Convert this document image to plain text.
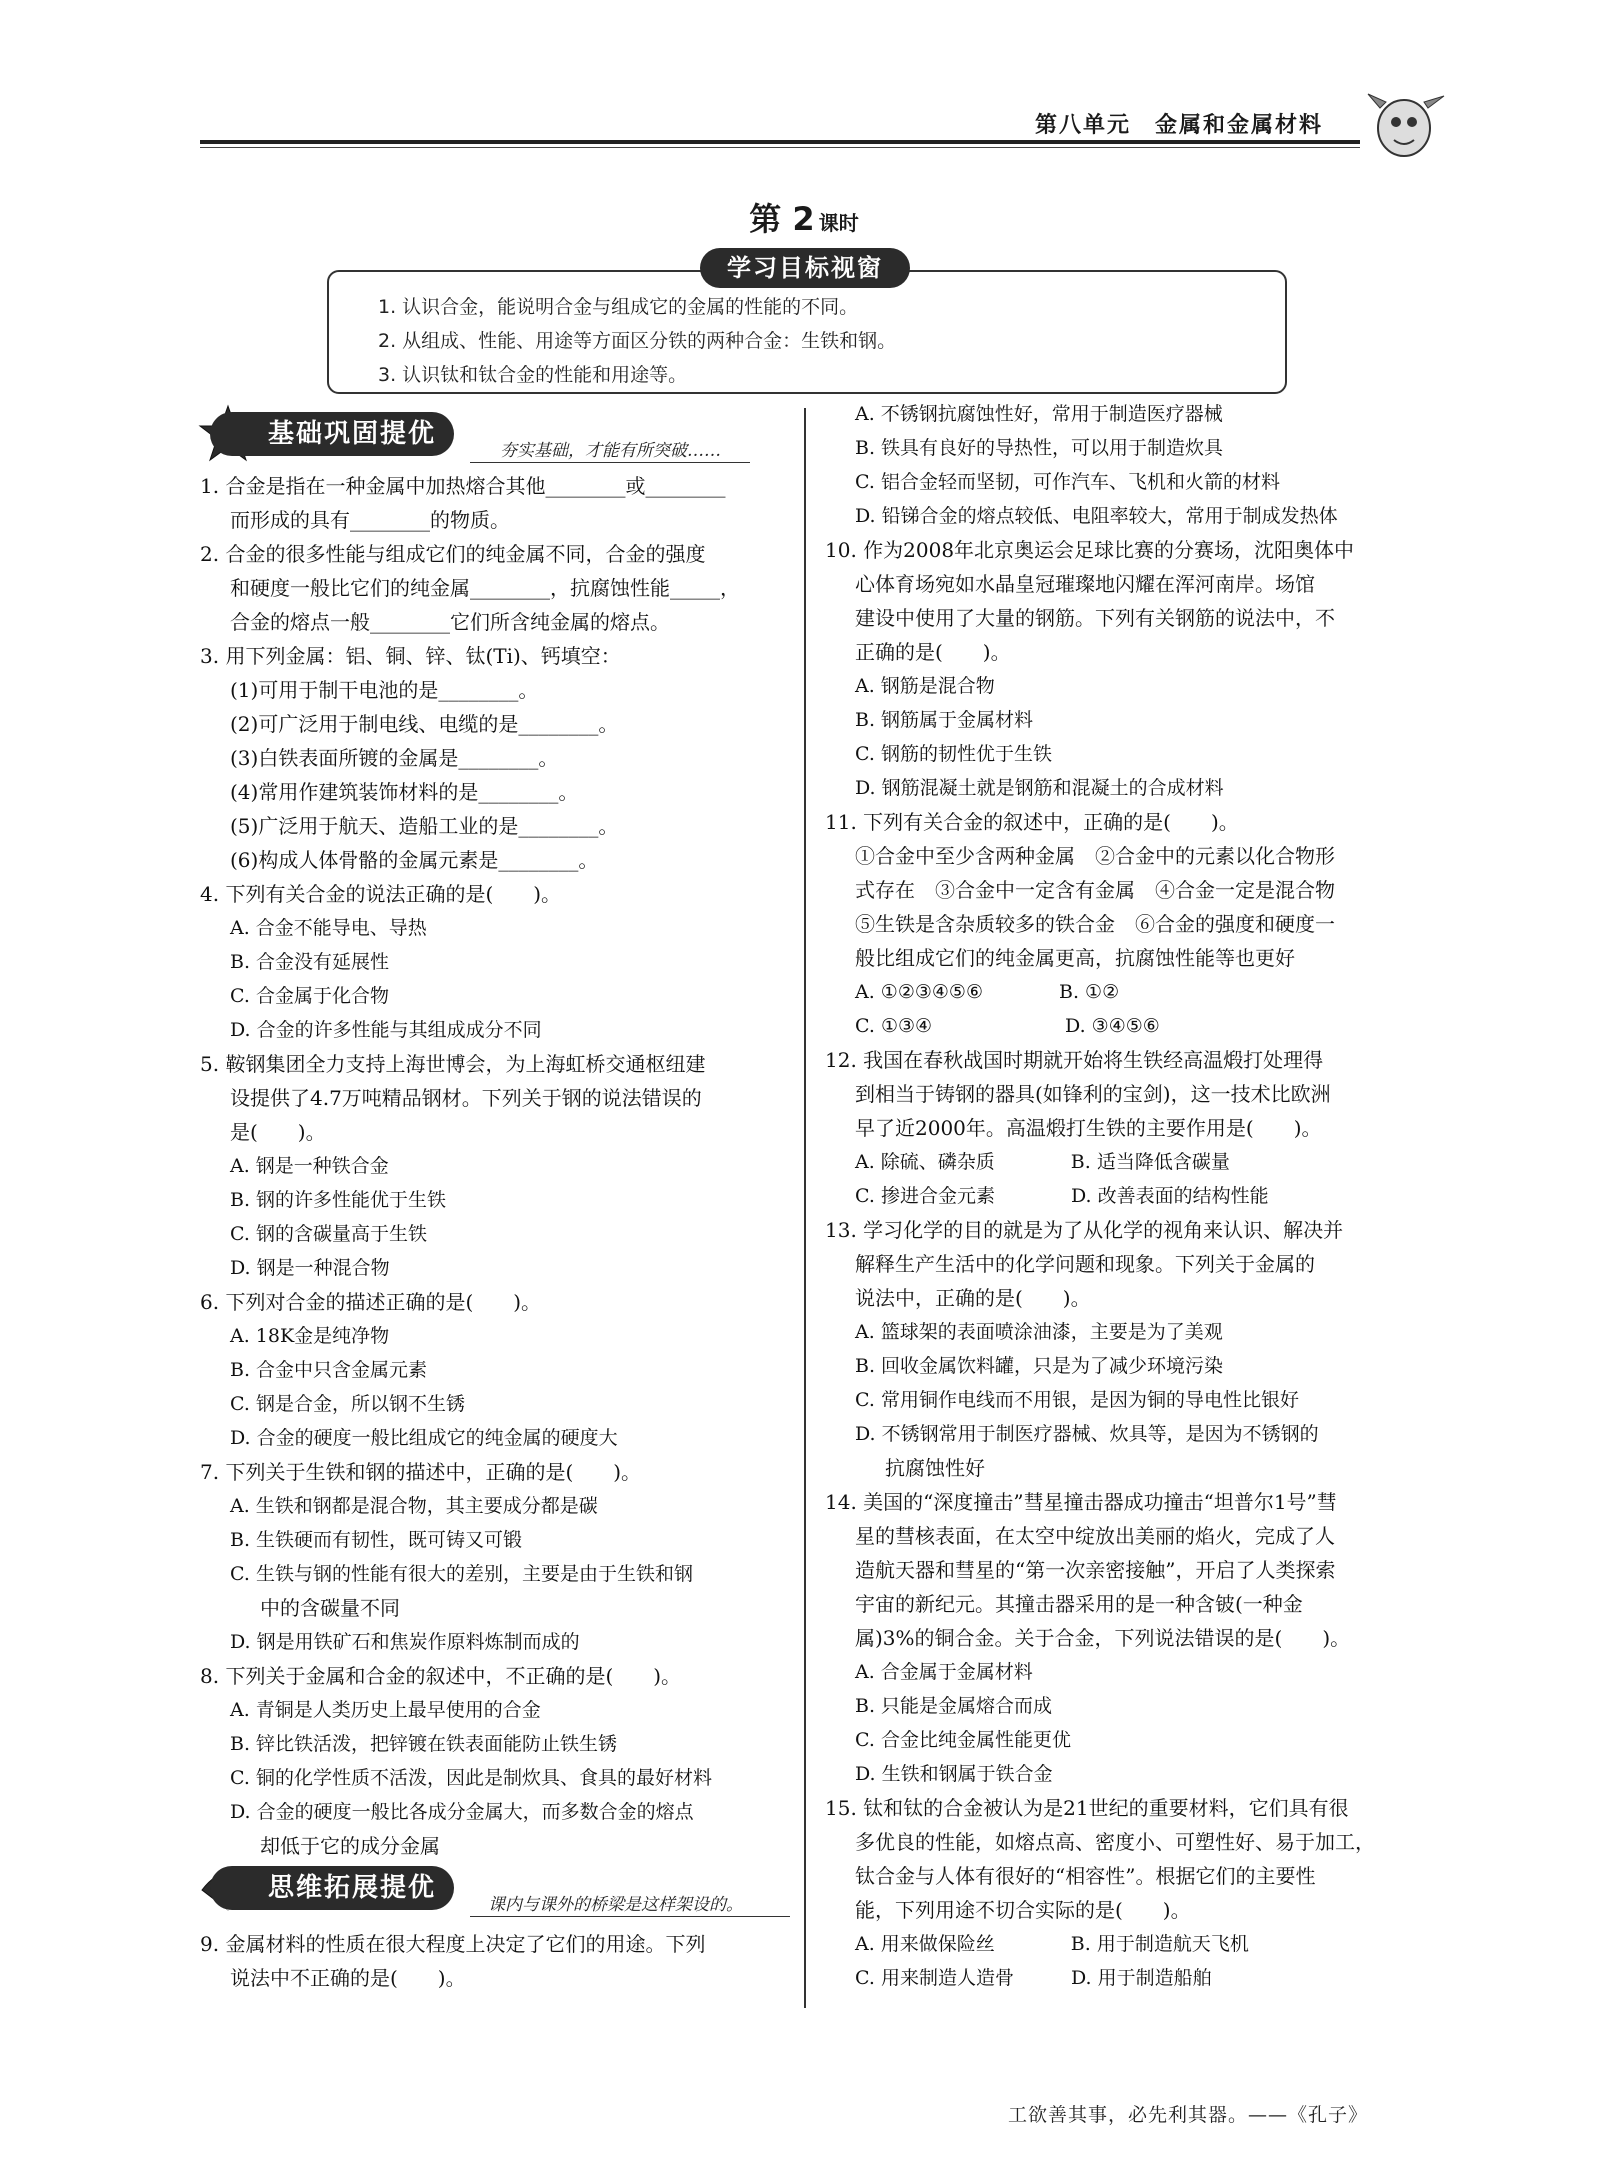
第八单元　金属和金属材料
第 2 课时
学习目标视窗
1. 认识合金，能说明合金与组成它的金属的性能的不同。
2. 从组成、性能、用途等方面区分铁的两种合金：生铁和钢。
3. 认识钛和钛合金的性能和用途等。
基础巩固提优
夯实基础，才能有所突破……
思维拓展提优
课内与课外的桥梁是这样架设的。
1. 合金是指在一种金属中加热熔合其他________或________
而形成的具有________的物质。
2. 合金的很多性能与组成它们的纯金属不同，合金的强度
和硬度一般比它们的纯金属________，抗腐蚀性能_____，
合金的熔点一般________它们所含纯金属的熔点。
3. 用下列金属：铝、铜、锌、钛(Ti)、钙填空：
(1)可用于制干电池的是________。
(2)可广泛用于制电线、电缆的是________。
(3)白铁表面所镀的金属是________。
(4)常用作建筑装饰材料的是________。
(5)广泛用于航天、造船工业的是________。
(6)构成人体骨骼的金属元素是________。
4. 下列有关合金的说法正确的是(　　)。
A. 合金不能导电、导热
B. 合金没有延展性
C. 合金属于化合物
D. 合金的许多性能与其组成成分不同
5. 鞍钢集团全力支持上海世博会，为上海虹桥交通枢纽建
设提供了4.7万吨精品钢材。下列关于钢的说法错误的
是(　　)。
A. 钢是一种铁合金
B. 钢的许多性能优于生铁
C. 钢的含碳量高于生铁
D. 钢是一种混合物
6. 下列对合金的描述正确的是(　　)。
A. 18K金是纯净物
B. 合金中只含金属元素
C. 钢是合金，所以钢不生锈
D. 合金的硬度一般比组成它的纯金属的硬度大
7. 下列关于生铁和钢的描述中，正确的是(　　)。
A. 生铁和钢都是混合物，其主要成分都是碳
B. 生铁硬而有韧性，既可铸又可锻
C. 生铁与钢的性能有很大的差别，主要是由于生铁和钢
中的含碳量不同
D. 钢是用铁矿石和焦炭作原料炼制而成的
8. 下列关于金属和合金的叙述中，不正确的是(　　)。
A. 青铜是人类历史上最早使用的合金
B. 锌比铁活泼，把锌镀在铁表面能防止铁生锈
C. 铜的化学性质不活泼，因此是制炊具、食具的最好材料
D. 合金的硬度一般比各成分金属大，而多数合金的熔点
却低于它的成分金属
9. 金属材料的性质在很大程度上决定了它们的用途。下列
说法中不正确的是(　　)。
A. 不锈钢抗腐蚀性好，常用于制造医疗器械
B. 铁具有良好的导热性，可以用于制造炊具
C. 铝合金轻而坚韧，可作汽车、飞机和火箭的材料
D. 铅锑合金的熔点较低、电阻率较大，常用于制成发热体
10. 作为2008年北京奥运会足球比赛的分赛场，沈阳奥体中
心体育场宛如水晶皇冠璀璨地闪耀在浑河南岸。场馆
建设中使用了大量的钢筋。下列有关钢筋的说法中，不
正确的是(　　)。
A. 钢筋是混合物
B. 钢筋属于金属材料
C. 钢筋的韧性优于生铁
D. 钢筋混凝土就是钢筋和混凝土的合成材料
11. 下列有关合金的叙述中，正确的是(　　)。
①合金中至少含两种金属　②合金中的元素以化合物形
式存在　③合金中一定含有金属　④合金一定是混合物
⑤生铁是含杂质较多的铁合金　⑥合金的强度和硬度一
般比组成它们的纯金属更高，抗腐蚀性能等也更好
A. ①②③④⑤⑥　　　　B. ①②
C. ①③④　　　　　　　D. ③④⑤⑥
12. 我国在春秋战国时期就开始将生铁经高温煅打处理得
到相当于铸钢的器具(如锋利的宝剑)，这一技术比欧洲
早了近2000年。高温煅打生铁的主要作用是(　　)。
A. 除硫、磷杂质　　　　B. 适当降低含碳量
C. 掺进合金元素　　　　D. 改善表面的结构性能
13. 学习化学的目的就是为了从化学的视角来认识、解决并
解释生产生活中的化学问题和现象。下列关于金属的
说法中，正确的是(　　)。
A. 篮球架的表面喷涂油漆，主要是为了美观
B. 回收金属饮料罐，只是为了减少环境污染
C. 常用铜作电线而不用银，是因为铜的导电性比银好
D. 不锈钢常用于制医疗器械、炊具等，是因为不锈钢的
抗腐蚀性好
14. 美国的“深度撞击”彗星撞击器成功撞击“坦普尔1号”彗
星的彗核表面，在太空中绽放出美丽的焰火，完成了人
造航天器和彗星的“第一次亲密接触”，开启了人类探索
宇宙的新纪元。其撞击器采用的是一种含铍(一种金
属)3%的铜合金。关于合金，下列说法错误的是(　　)。
A. 合金属于金属材料
B. 只能是金属熔合而成
C. 合金比纯金属性能更优
D. 生铁和钢属于铁合金
15. 钛和钛的合金被认为是21世纪的重要材料，它们具有很
多优良的性能，如熔点高、密度小、可塑性好、易于加工，
钛合金与人体有很好的“相容性”。根据它们的主要性
能，下列用途不切合实际的是(　　)。
A. 用来做保险丝　　　　B. 用于制造航天飞机
C. 用来制造人造骨　　　D. 用于制造船舶
工欲善其事，必先利其器。——《孔子》
